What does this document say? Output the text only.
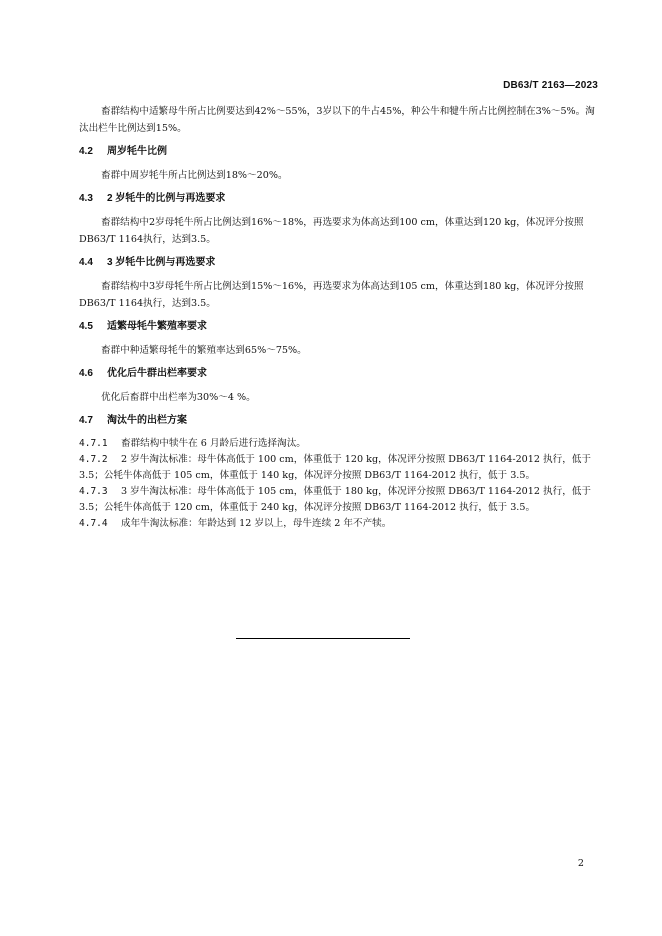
DB63/T 2163—2023

畜群结构中适繁母牛所占比例要达到42%～55%，3岁以下的牛占45%，种公牛和犍牛所占比例控制在3%～5%。淘汰出栏牛比例达到15%。

4.2 周岁牦牛比例

畜群中周岁牦牛所占比例达到18%～20%。

4.3 2 岁牦牛的比例与再选要求

畜群结构中2岁母牦牛所占比例达到16%～18%，再选要求为体高达到100 cm，体重达到120 kg，体况评分按照DB63/T 1164执行，达到3.5。

4.4 3 岁牦牛比例与再选要求

畜群结构中3岁母牦牛所占比例达到15%～16%，再选要求为体高达到105 cm，体重达到180 kg，体况评分按照DB63/T 1164执行，达到3.5。

4.5 适繁母牦牛繁殖率要求

畜群中种适繁母牦牛的繁殖率达到65%～75%。

4.6 优化后牛群出栏率要求

优化后畜群中出栏率为30%～4 %。

4.7 淘汰牛的出栏方案

4.7.1 畜群结构中犊牛在 6 月龄后进行选择淘汰。

4.7.2 2 岁牛淘汰标准：母牛体高低于 100 cm，体重低于 120 kg，体况评分按照 DB63/T 1164-2012 执行，低于 3.5；公牦牛体高低于 105 cm，体重低于 140 kg，体况评分按照 DB63/T 1164-2012 执行，低于 3.5。

4.7.3 3 岁牛淘汰标准：母牛体高低于 105 cm，体重低于 180 kg，体况评分按照 DB63/T 1164-2012 执行，低于 3.5；公牦牛体高低于 120 cm，体重低于 240 kg，体况评分按照 DB63/T 1164-2012 执行，低于 3.5。

4.7.4 成年牛淘汰标准：年龄达到 12 岁以上，母牛连续 2 年不产犊。

2
